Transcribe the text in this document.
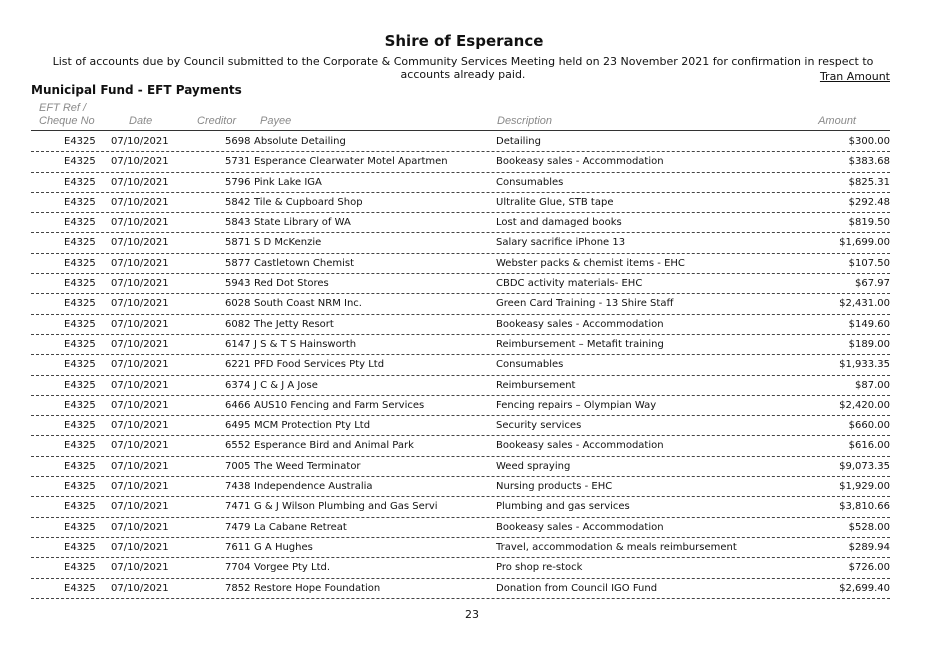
Shire of Esperance
List of accounts due by Council submitted to the Corporate & Community Services Meeting held on 23 November 2021 for confirmation in respect to accounts already paid.	Tran Amount
Municipal Fund - EFT Payments
EFT Ref /
Cheque No	Date	Creditor Payee	Description	Amount
E4325 07/10/2021	5698 Absolute Detailing	Detailing	$300.00
E4325 07/10/2021	5731 Esperance Clearwater Motel Apartmen	Bookeasy sales - Accommodation	$383.68
E4325 07/10/2021	5796 Pink Lake IGA	Consumables	$825.31
E4325 07/10/2021	5842 Tile & Cupboard Shop	Ultralite Glue, STB tape	$292.48
E4325 07/10/2021	5843 State Library of WA	Lost and damaged books	$819.50
E4325 07/10/2021	5871 S D McKenzie	Salary sacrifice iPhone 13	$1,699.00
E4325 07/10/2021	5877 Castletown Chemist	Webster packs & chemist items - EHC	$107.50
E4325 07/10/2021	5943 Red Dot Stores	CBDC activity materials- EHC	$67.97
E4325 07/10/2021	6028 South Coast NRM Inc.	Green Card Training - 13 Shire Staff	$2,431.00
E4325 07/10/2021	6082 The Jetty Resort	Bookeasy sales - Accommodation	$149.60
E4325 07/10/2021	6147 J S & T S Hainsworth	Reimbursement – Metafit training	$189.00
E4325 07/10/2021	6221 PFD Food Services Pty Ltd	Consumables	$1,933.35
E4325 07/10/2021	6374 J C & J A Jose	Reimbursement	$87.00
E4325 07/10/2021	6466 AUS10 Fencing and Farm Services	Fencing repairs – Olympian Way	$2,420.00
E4325 07/10/2021	6495 MCM Protection Pty Ltd	Security services	$660.00
E4325 07/10/2021	6552 Esperance Bird and Animal Park	Bookeasy sales - Accommodation	$616.00
E4325 07/10/2021	7005 The Weed Terminator	Weed spraying	$9,073.35
E4325 07/10/2021	7438 Independence Australia	Nursing products - EHC	$1,929.00
E4325 07/10/2021	7471 G & J Wilson Plumbing and Gas Servi	Plumbing and gas services	$3,810.66
E4325 07/10/2021	7479 La Cabane Retreat	Bookeasy sales - Accommodation	$528.00
E4325 07/10/2021	7611 G A Hughes	Travel, accommodation & meals reimbursement	$289.94
E4325 07/10/2021	7704 Vorgee Pty Ltd.	Pro shop re-stock	$726.00
E4325 07/10/2021	7852 Restore Hope Foundation	Donation from Council IGO Fund	$2,699.40
23
